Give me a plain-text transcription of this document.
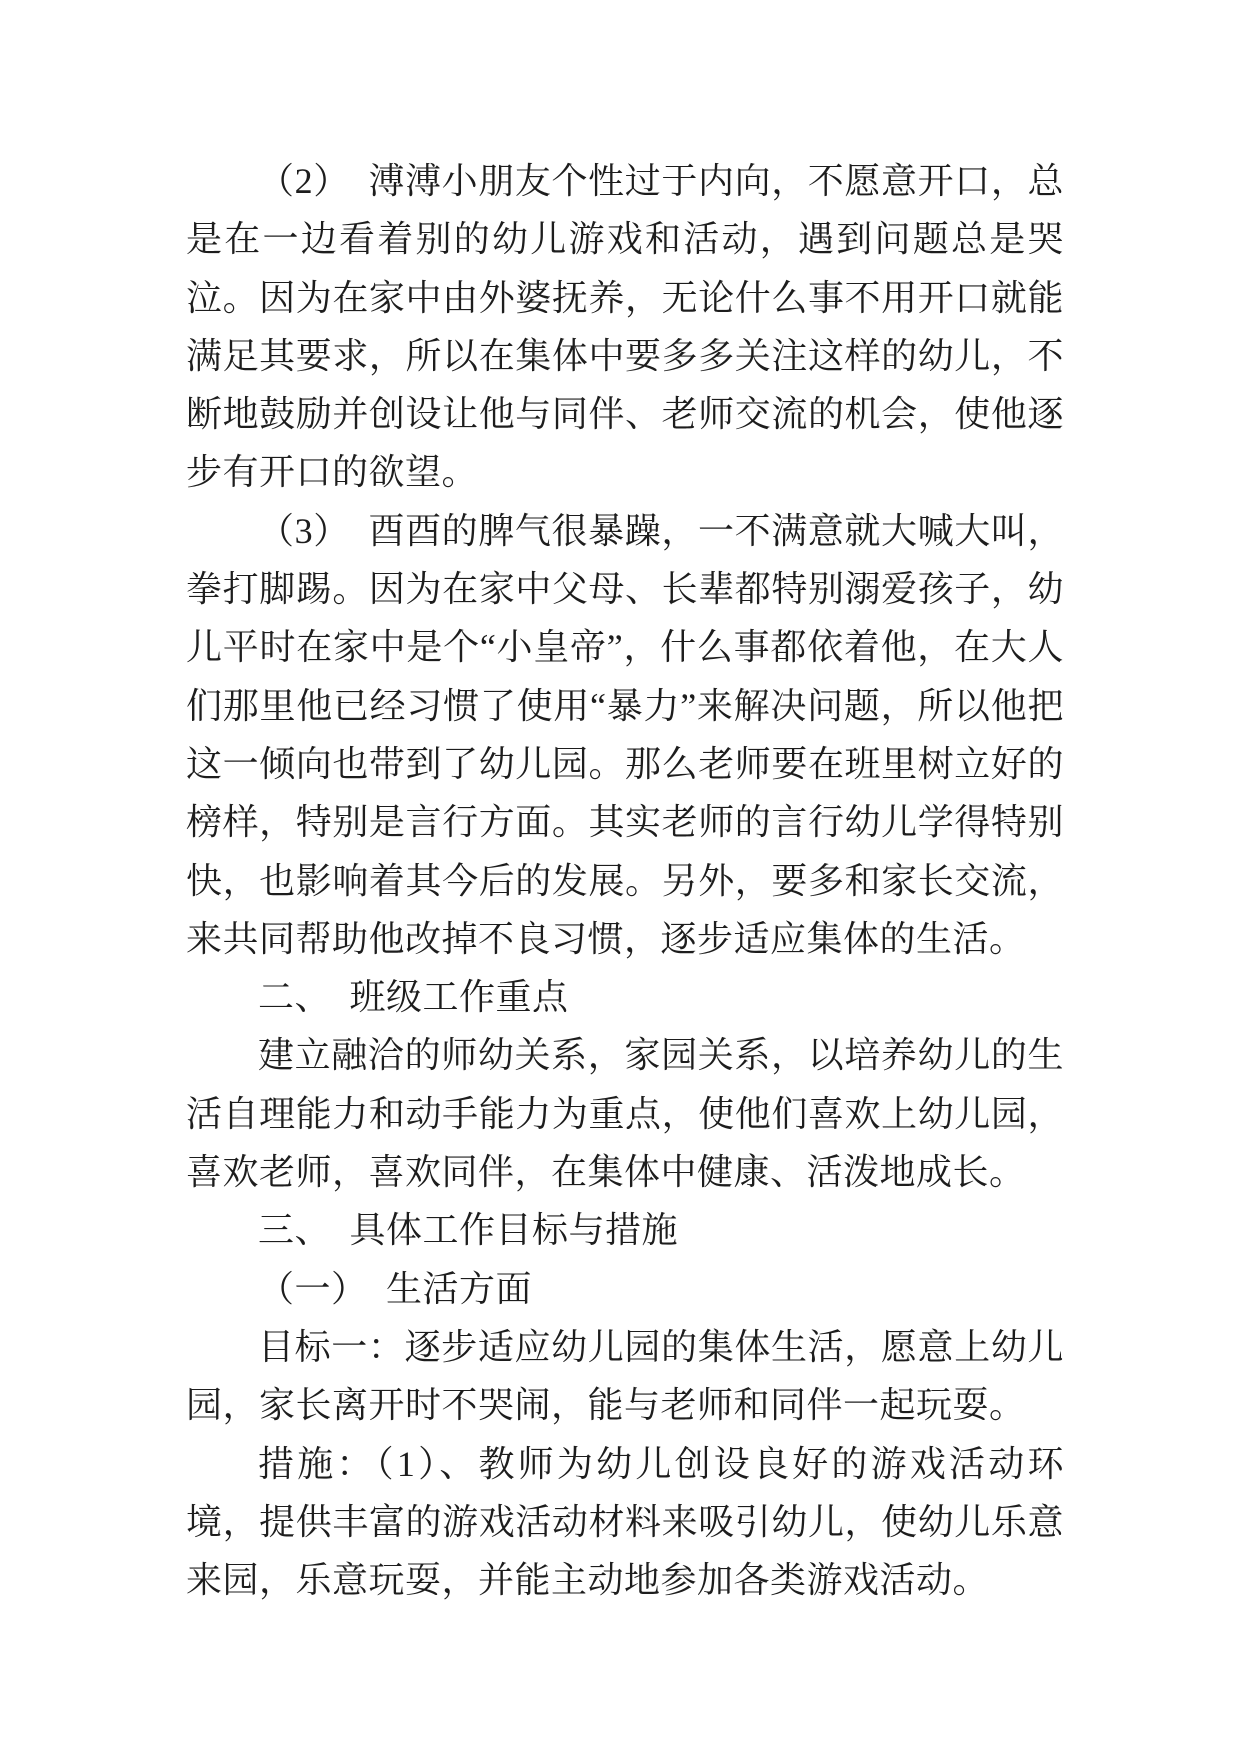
（2）　溥溥小朋友个性过于内向，不愿意开口，总是在一边看着别的幼儿游戏和活动，遇到问题总是哭泣。因为在家中由外婆抚养，无论什么事不用开口就能满足其要求，所以在集体中要多多关注这样的幼儿，不断地鼓励并创设让他与同伴、老师交流的机会，使他逐步有开口的欲望。

（3）　酉酉的脾气很暴躁，一不满意就大喊大叫，拳打脚踢。因为在家中父母、长辈都特别溺爱孩子，幼儿平时在家中是个“小皇帝”，什么事都依着他，在大人们那里他已经习惯了使用“暴力”来解决问题，所以他把这一倾向也带到了幼儿园。那么老师要在班里树立好的榜样，特别是言行方面。其实老师的言行幼儿学得特别快，也影响着其今后的发展。另外，要多和家长交流，来共同帮助他改掉不良习惯，逐步适应集体的生活。

二、　班级工作重点

建立融洽的师幼关系，家园关系，以培养幼儿的生活自理能力和动手能力为重点，使他们喜欢上幼儿园，喜欢老师，喜欢同伴，在集体中健康、活泼地成长。

三、　具体工作目标与措施

（一）　生活方面

目标一：逐步适应幼儿园的集体生活，愿意上幼儿园，家长离开时不哭闹，能与老师和同伴一起玩耍。

措施：（1）、教师为幼儿创设良好的游戏活动环境，提供丰富的游戏活动材料来吸引幼儿，使幼儿乐意来园，乐意玩耍，并能主动地参加各类游戏活动。
